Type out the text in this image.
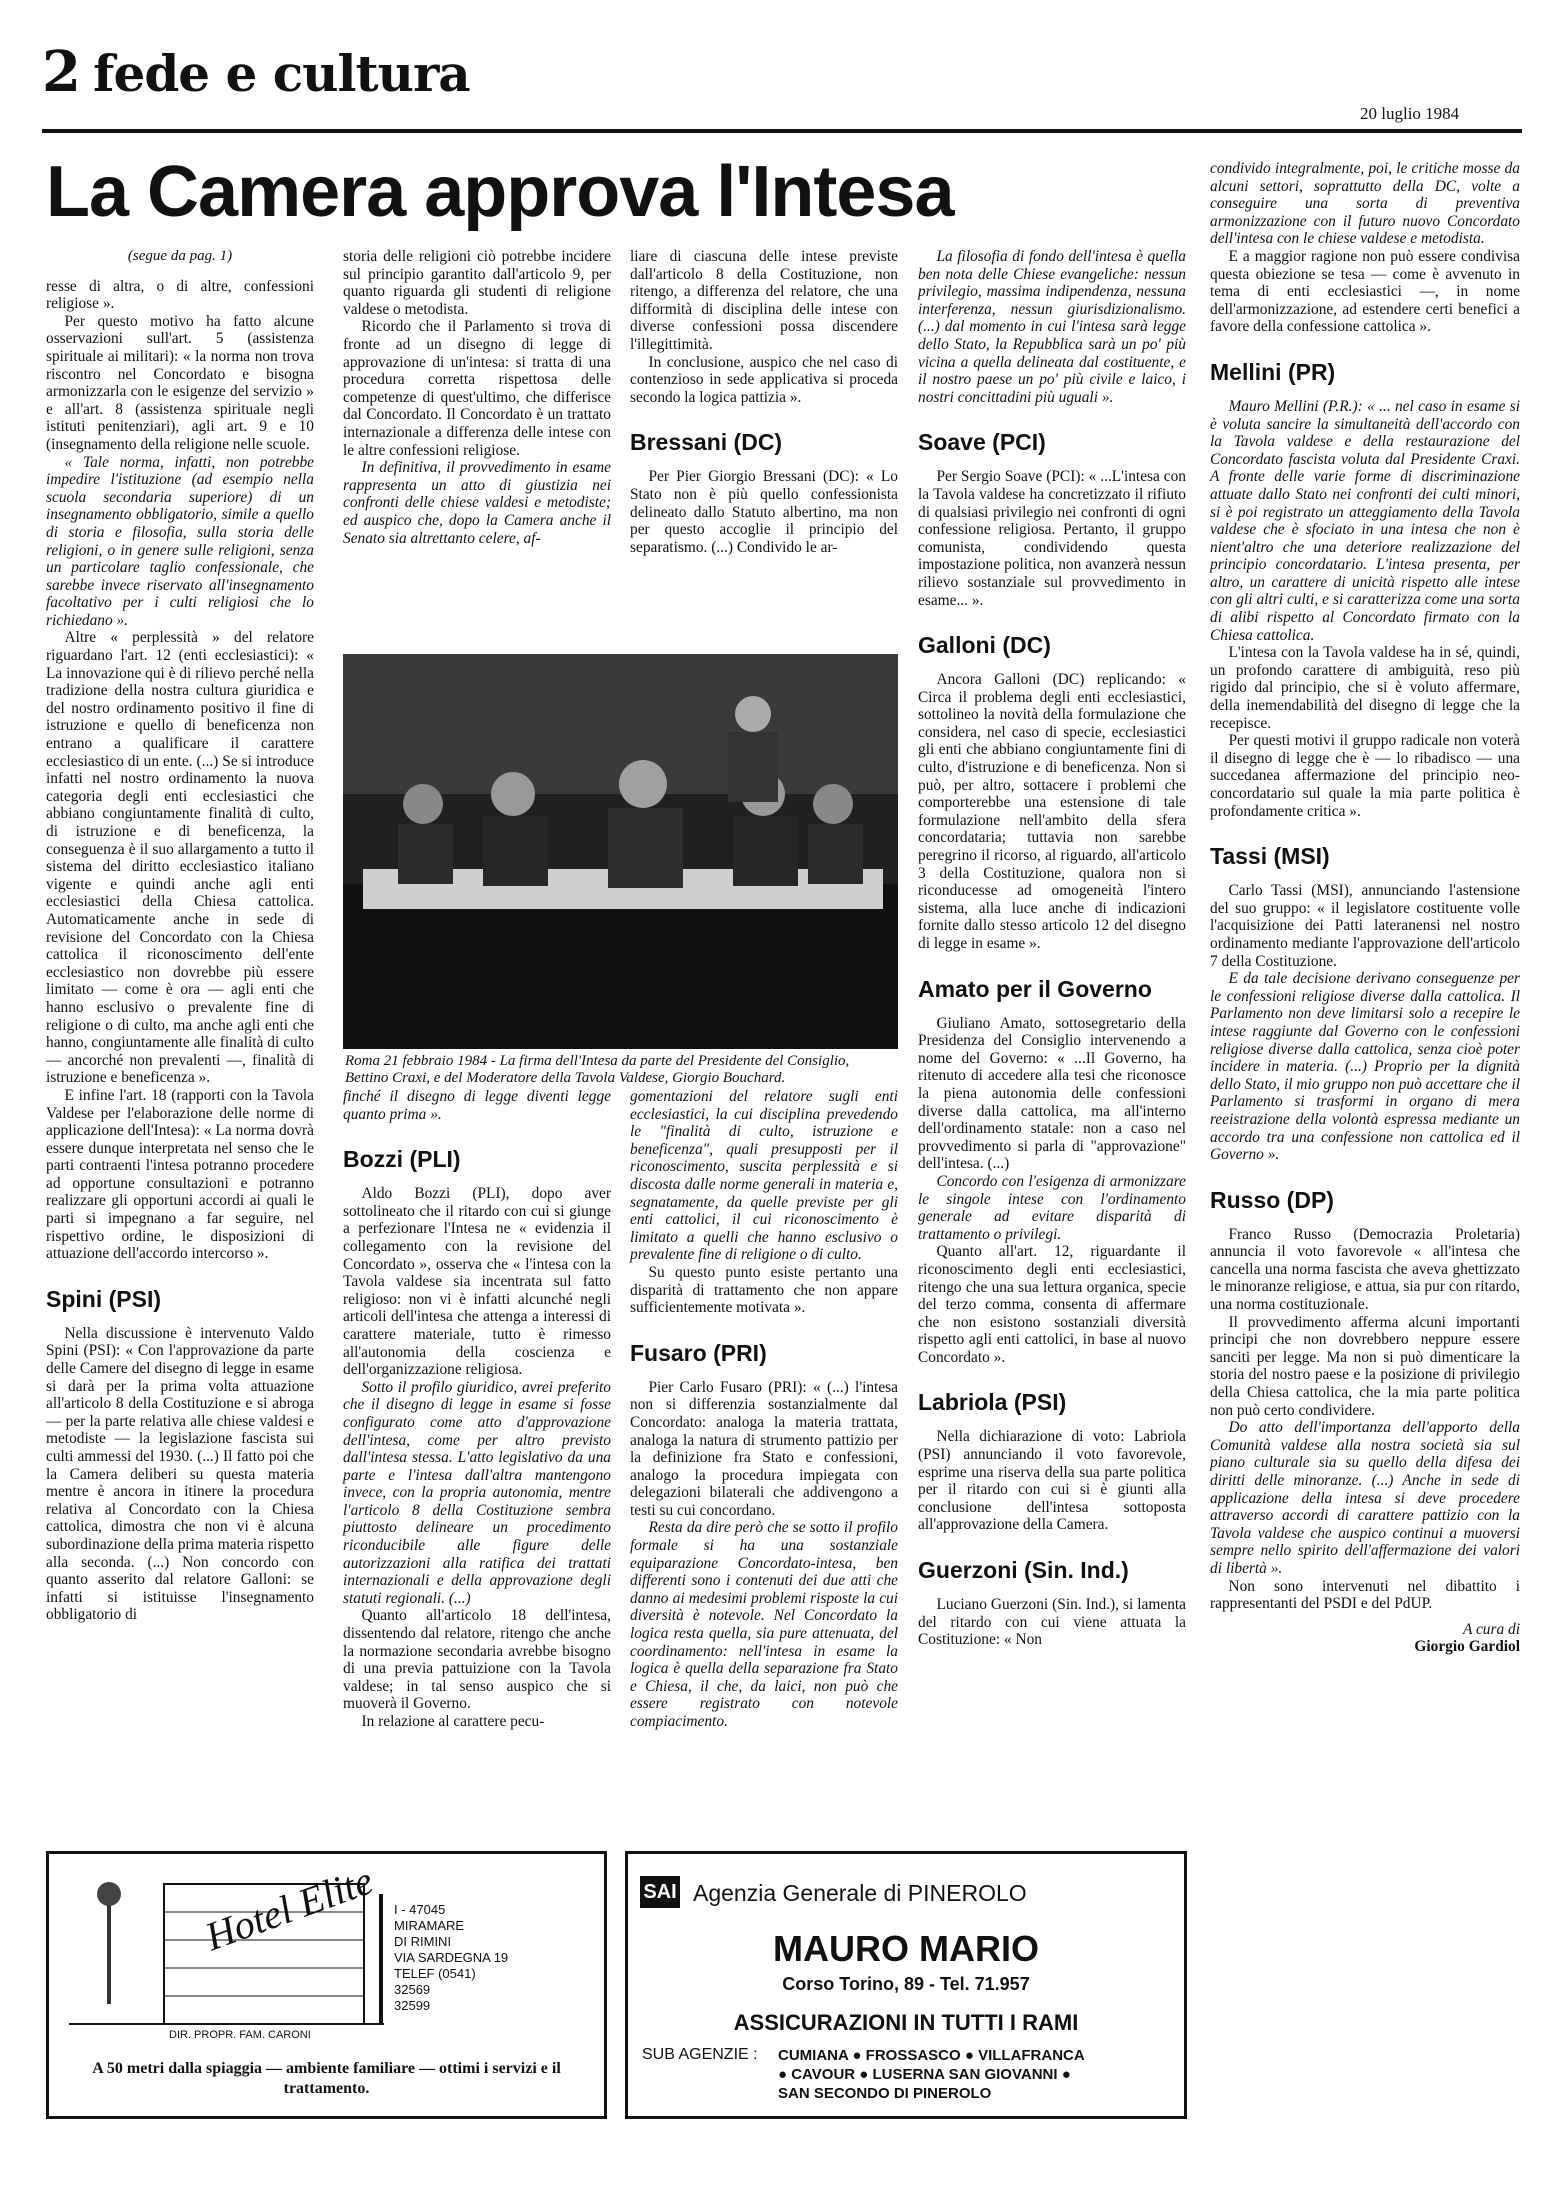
2 fede e cultura
20 luglio 1984
La Camera approva l'Intesa
(segue da pag. 1)

resse di altra, o di altre, confessioni religiose ».

Per questo motivo ha fatto alcune osservazioni sull'art. 5 (assistenza spirituale ai militari): « la norma non trova riscontro nel Concordato e bisogna armonizzarla con le esigenze del servizio » e all'art. 8 (assistenza spirituale negli istituti penitenziari), agli art. 9 e 10 (insegnamento della religione nelle scuole.

« Tale norma, infatti, non potrebbe impedire l'istituzione (ad esempio nella scuola secondaria superiore) di un insegnamento obbligatorio, simile a quello di storia e filosofia, sulla storia delle religioni, o in genere sulle religioni, senza un particolare taglio confessionale, che sarebbe invece riservato all'insegnamento facoltativo per i culti religiosi che lo richiedano ».

Altre « perplessità » del relatore riguardano l'art. 12 (enti ecclesiastici): « La innovazione qui è di rilievo perché nella tradizione della nostra cultura giuridica e del nostro ordinamento positivo il fine di istruzione e quello di beneficenza non entrano a qualificare il carattere ecclesiastico di un ente. (...) Se si introduce infatti nel nostro ordinamento la nuova categoria degli enti ecclesiastici che abbiano congiuntamente finalità di culto, di istruzione e di beneficenza, la conseguenza è il suo allargamento a tutto il sistema del diritto ecclesiastico italiano vigente e quindi anche agli enti ecclesiastici della Chiesa cattolica. Automaticamente anche in sede di revisione del Concordato con la Chiesa cattolica il riconoscimento dell'ente ecclesiastico non dovrebbe più essere limitato — come è ora — agli enti che hanno esclusivo o prevalente fine di religione o di culto, ma anche agli enti che hanno, congiuntamente alle finalità di culto — ancorché non prevalenti —, finalità di istruzione e beneficenza ».

E infine l'art. 18 (rapporti con la Tavola Valdese per l'elaborazione delle norme di applicazione dell'Intesa): « La norma dovrà essere dunque interpretata nel senso che le parti contraenti l'intesa potranno procedere ad opportune consultazioni e potranno realizzare gli opportuni accordi ai quali le parti si impegnano a far seguire, nel rispettivo ordine, le disposizioni di attuazione dell'accordo intercorso ».

Spini (PSI)

Nella discussione è intervenuto Valdo Spini (PSI): « Con l'approvazione da parte delle Camere del disegno di legge in esame si darà per la prima volta attuazione all'articolo 8 della Costituzione e si abroga — per la parte relativa alle chiese valdesi e metodiste — la legislazione fascista sui culti ammessi del 1930. (...) Il fatto poi che la Camera deliberi su questa materia mentre è ancora in itinere la procedura relativa al Concordato con la Chiesa cattolica, dimostra che non vi è alcuna subordinazione della prima materia rispetto alla seconda. (...) Non concordo con quanto asserito dal relatore Galloni: se infatti si istituisse l'insegnamento obbligatorio di

storia delle religioni ciò potrebbe incidere sul principio garantito dall'articolo 9, per quanto riguarda gli studenti di religione valdese o metodista.

Ricordo che il Parlamento si trova di fronte ad un disegno di legge di approvazione di un'intesa: si tratta di una procedura corretta rispettosa delle competenze di quest'ultimo, che differisce dal Concordato. Il Concordato è un trattato internazionale a differenza delle intese con le altre confessioni religiose.

In definitiva, il provvedimento in esame rappresenta un atto di giustizia nei confronti delle chiese valdesi e metodiste; ed auspico che, dopo la Camera anche il Senato sia altrettanto celere, af-

liare di ciascuna delle intese previste dall'articolo 8 della Costituzione, non ritengo, a differenza del relatore, che una difformità di disciplina delle intese con diverse confessioni possa discendere l'illegittimità.

In conclusione, auspico che nel caso di contenzioso in sede applicativa si proceda secondo la logica pattizia ».

Bressani (DC)

Per Pier Giorgio Bressani (DC): « Lo Stato non è più quello confessionista delineato dallo Statuto albertino, ma non per questo accoglie il principio del separatismo. (...) Condivido le ar-

Roma 21 febbraio 1984 - La firma dell'Intesa da parte del Presidente del Consiglio, Bettino Craxi, e del Moderatore della Tavola Valdese, Giorgio Bouchard.

finché il disegno di legge diventi legge quanto prima ».

Bozzi (PLI)

Aldo Bozzi (PLI), dopo aver sottolineato che il ritardo con cui si giunge a perfezionare l'Intesa ne « evidenzia il collegamento con la revisione del Concordato », osserva che « l'intesa con la Tavola valdese sia incentrata sul fatto religioso: non vi è infatti alcunché negli articoli dell'intesa che attenga a interessi di carattere materiale, tutto è rimesso all'autonomia della coscienza e dell'organizzazione religiosa.

Sotto il profilo giuridico, avrei preferito che il disegno di legge in esame si fosse configurato come atto d'approvazione dell'intesa, come per altro previsto dall'intesa stessa. L'atto legislativo da una parte e l'intesa dall'altra mantengono invece, con la propria autonomia, mentre l'articolo 8 della Costituzione sembra piuttosto delineare un procedimento riconducibile alle figure delle autorizzazioni alla ratifica dei trattati internazionali e della approvazione degli statuti regionali. (...)

Quanto all'articolo 18 dell'intesa, dissentendo dal relatore, ritengo che anche la normazione secondaria avrebbe bisogno di una previa pattuizione con la Tavola valdese; in tal senso auspico che si muoverà il Governo.

In relazione al carattere pecu-

gomentazioni del relatore sugli enti ecclesiastici, la cui disciplina prevedendo le "finalità di culto, istruzione e beneficenza", quali presupposti per il riconoscimento, suscita perplessità e si discosta dalle norme generali in materia e, segnatamente, da quelle previste per gli enti cattolici, il cui riconoscimento è limitato a quelli che hanno esclusivo o prevalente fine di religione o di culto.

Su questo punto esiste pertanto una disparità di trattamento che non appare sufficientemente motivata ».

Fusaro (PRI)

Pier Carlo Fusaro (PRI): « (...) l'intesa non si differenzia sostanzialmente dal Concordato: analoga la materia trattata, analoga la natura di strumento pattizio per la definizione fra Stato e confessioni, analogo la procedura impiegata con delegazioni bilaterali che addivengono a testi su cui concordano.

Resta da dire però che se sotto il profilo formale si ha una sostanziale equiparazione Concordato-intesa, ben differenti sono i contenuti dei due atti che danno ai medesimi problemi risposte la cui diversità è notevole. Nel Concordato la logica resta quella, sia pure attenuata, del coordinamento: nell'intesa in esame la logica è quella della separazione fra Stato e Chiesa, il che, da laici, non può che essere registrato con notevole compiacimento.

La filosofia di fondo dell'intesa è quella ben nota delle Chiese evangeliche: nessun privilegio, massima indipendenza, nessuna interferenza, nessun giurisdizionalismo. (...) dal momento in cui l'intesa sarà legge dello Stato, la Repubblica sarà un po' più vicina a quella delineata dal costituente, e il nostro paese un po' più civile e laico, i nostri concittadini più uguali ».

Soave (PCI)

Per Sergio Soave (PCI): « ...L'intesa con la Tavola valdese ha concretizzato il rifiuto di qualsiasi privilegio nei confronti di ogni confessione religiosa. Pertanto, il gruppo comunista, condividendo questa impostazione politica, non avanzerà nessun rilievo sostanziale sul provvedimento in esame... ».

Galloni (DC)

Ancora Galloni (DC) replicando: « Circa il problema degli enti ecclesiastici, sottolineo la novità della formulazione che considera, nel caso di specie, ecclesiastici gli enti che abbiano congiuntamente fini di culto, d'istruzione e di beneficenza. Non si può, per altro, sottacere i problemi che comporterebbe una estensione di tale formulazione nell'ambito della sfera concordataria; tuttavia non sarebbe peregrino il ricorso, al riguardo, all'articolo 3 della Costituzione, qualora non si riconducesse ad omogeneità l'intero sistema, alla luce anche di indicazioni fornite dallo stesso articolo 12 del disegno di legge in esame ».

Amato per il Governo

Giuliano Amato, sottosegretario della Presidenza del Consiglio intervenendo a nome del Governo: « ...Il Governo, ha ritenuto di accedere alla tesi che riconosce la piena autonomia delle confessioni diverse dalla cattolica, ma all'interno dell'ordinamento statale: non a caso nel provvedimento si parla di "approvazione" dell'intesa. (...)

Concordo con l'esigenza di armonizzare le singole intese con l'ordinamento generale ad evitare disparità di trattamento o privilegi.

Quanto all'art. 12, riguardante il riconoscimento degli enti ecclesiastici, ritengo che una sua lettura organica, specie del terzo comma, consenta di affermare che non esistono sostanziali diversità rispetto agli enti cattolici, in base al nuovo Concordato ».

Labriola (PSI)

Nella dichiarazione di voto: Labriola (PSI) annunciando il voto favorevole, esprime una riserva della sua parte politica per il ritardo con cui si è giunti alla conclusione dell'intesa sottoposta all'approvazione della Camera.

Guerzoni (Sin. Ind.)

Luciano Guerzoni (Sin. Ind.), si lamenta del ritardo con cui viene attuata la Costituzione: « Non

condivido integralmente, poi, le critiche mosse da alcuni settori, soprattutto della DC, volte a conseguire una sorta di preventiva armonizzazione con il futuro nuovo Concordato dell'intesa con le chiese valdese e metodista.

E a maggior ragione non può essere condivisa questa obiezione se tesa — come è avvenuto in tema di enti ecclesiastici —, in nome dell'armonizzazione, ad estendere certi benefici a favore della confessione cattolica ».

Mellini (PR)

Mauro Mellini (P.R.): « ... nel caso in esame si è voluta sancire la simultaneità dell'accordo con la Tavola valdese e della restaurazione del Concordato fascista voluta dal Presidente Craxi. A fronte delle varie forme di discriminazione attuate dallo Stato nei confronti dei culti minori, si è poi registrato un atteggiamento della Tavola valdese che è sfociato in una intesa che non è nient'altro che una deteriore realizzazione del principio concordatario. L'intesa presenta, per altro, un carattere di unicità rispetto alle intese con gli altri culti, e si caratterizza come una sorta di alibi rispetto al Concordato firmato con la Chiesa cattolica.

L'intesa con la Tavola valdese ha in sé, quindi, un profondo carattere di ambiguità, reso più rigido dal principio, che si è voluto affermare, della inemendabilità del disegno di legge che la recepisce.

Per questi motivi il gruppo radicale non voterà il disegno di legge che è — lo ribadisco — una succedanea affermazione del principio neo-concordatario sul quale la mia parte politica è profondamente critica ».

Tassi (MSI)

Carlo Tassi (MSI), annunciando l'astensione del suo gruppo: « il legislatore costituente volle l'acquisizione dei Patti lateranensi nel nostro ordinamento mediante l'approvazione dell'articolo 7 della Costituzione.

E da tale decisione derivano conseguenze per le confessioni religiose diverse dalla cattolica. Il Parlamento non deve limitarsi solo a recepire le intese raggiunte dal Governo con le confessioni religiose diverse dalla cattolica, senza cioè poter incidere in materia. (...) Proprio per la dignità dello Stato, il mio gruppo non può accettare che il Parlamento si trasformi in organo di mera reeistrazione della volontà espressa mediante un accordo tra una confessione non cattolica ed il Governo ».

Russo (DP)

Franco Russo (Democrazia Proletaria) annuncia il voto favorevole « all'intesa che cancella una norma fascista che aveva ghettizzato le minoranze religiose, e attua, sia pur con ritardo, una norma costituzionale.

Il provvedimento afferma alcuni importanti principi che non dovrebbero neppure essere sanciti per legge. Ma non si può dimenticare la storia del nostro paese e la posizione di privilegio della Chiesa cattolica, che la mia parte politica non può certo condividere.

Do atto dell'importanza dell'apporto della Comunità valdese alla nostra società sia sul piano culturale sia su quello della difesa dei diritti delle minoranze. (...) Anche in sede di applicazione della intesa si deve procedere attraverso accordi di carattere pattizio con la Tavola valdese che auspico continui a muoversi sempre nello spirito dell'affermazione dei valori di libertà ».

Non sono intervenuti nel dibattito i rappresentanti del PSDI e del PdUP.

A cura di
Giorgio Gardiol
Hotel Elite I - 47045
MIRAMARE
DI RIMINI
VIA SARDEGNA 19
TELEF (0541)
32569
32599
DIR. PROPR. FAM. CARONI
A 50 metri dalla spiaggia — ambiente familiare — ottimi i servizi e il trattamento.
SAI Agenzia Generale di PINEROLO
MAURO MARIO
Corso Torino, 89 - Tel. 71.957
ASSICURAZIONI IN TUTTI I RAMI
SUB AGENZIE : CUMIANA ● FROSSASCO ● VILLAFRANCA
● CAVOUR ● LUSERNA SAN GIOVANNI ●
SAN SECONDO DI PINEROLO
